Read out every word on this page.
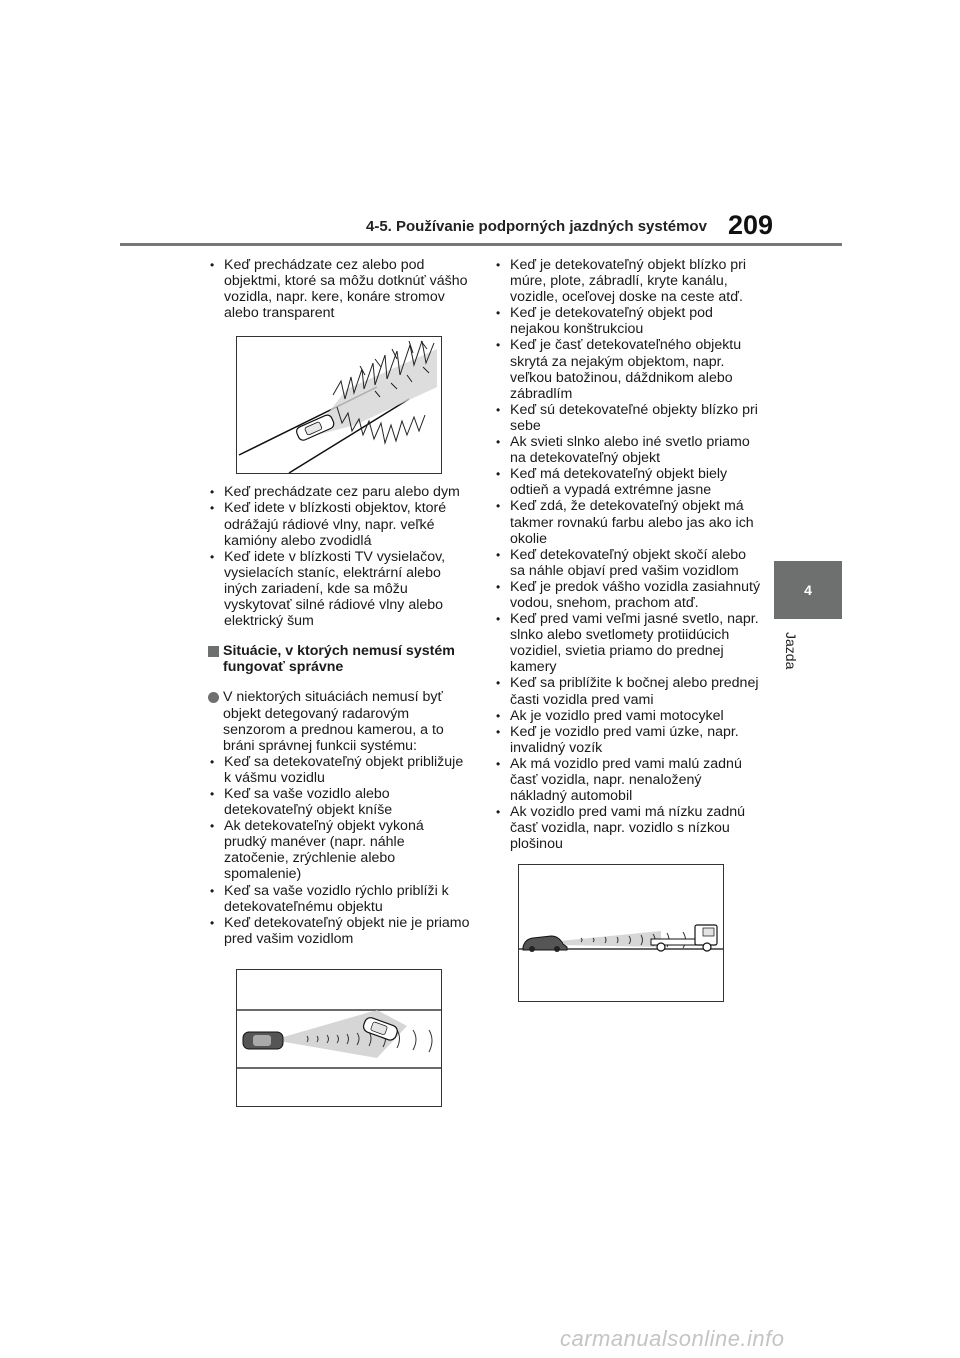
4-5. Používanie podporných jazdných systémov 209
4
Jazda
• Keď prechádzate cez alebo pod objektmi, ktoré sa môžu dotknúť vášho vozidla, napr. kere, konáre stromov alebo transparent
• Keď prechádzate cez paru alebo dym
• Keď idete v blízkosti objektov, ktoré odrážajú rádiové vlny, napr. veľké kamióny alebo zvodidlá
• Keď idete v blízkosti TV vysielačov, vysielacích staníc, elektrární alebo iných zariadení, kde sa môžu vyskytovať silné rádiové vlny alebo elektrický šum
Situácie, v ktorých nemusí systém fungovať správne
V niektorých situáciách nemusí byť objekt detegovaný radarovým senzorom a prednou kamerou, a to bráni správnej funkcii systému:
• Keď sa detekovateľný objekt približuje k vášmu vozidlu
• Keď sa vaše vozidlo alebo detekovateľný objekt kníše
• Ak detekovateľný objekt vykoná prudký manéver (napr. náhle zatočenie, zrýchlenie alebo spomalenie)
• Keď sa vaše vozidlo rýchlo priblíži k detekovateľnému objektu
• Keď detekovateľný objekt nie je priamo pred vašim vozidlom
• Keď je detekovateľný objekt blízko pri múre, plote, zábradlí, kryte kanálu, vozidle, oceľovej doske na ceste atď.
• Keď je detekovateľný objekt pod nejakou konštrukciou
• Keď je časť detekovateľného objektu skrytá za nejakým objektom, napr. veľkou batožinou, dáždnikom alebo zábradlím
• Keď sú detekovateľné objekty blízko pri sebe
• Ak svieti slnko alebo iné svetlo priamo na detekovateľný objekt
• Keď má detekovateľný objekt biely odtieň a vypadá extrémne jasne
• Keď zdá, že detekovateľný objekt má takmer rovnakú farbu alebo jas ako ich okolie
• Keď detekovateľný objekt skočí alebo sa náhle objaví pred vašim vozidlom
• Keď je predok vášho vozidla zasiahnutý vodou, snehom, prachom atď.
• Keď pred vami veľmi jasné svetlo, napr. slnko alebo svetlomety protiidúcich vozidiel, svietia priamo do prednej kamery
• Keď sa priblížite k bočnej alebo prednej časti vozidla pred vami
• Ak je vozidlo pred vami motocykel
• Keď je vozidlo pred vami úzke, napr. invalidný vozík
• Ak má vozidlo pred vami malú zadnú časť vozidla, napr. nenaložený nákladný automobil
• Ak vozidlo pred vami má nízku zadnú časť vozidla, napr. vozidlo s nízkou plošinou
carmanualsonline.info
